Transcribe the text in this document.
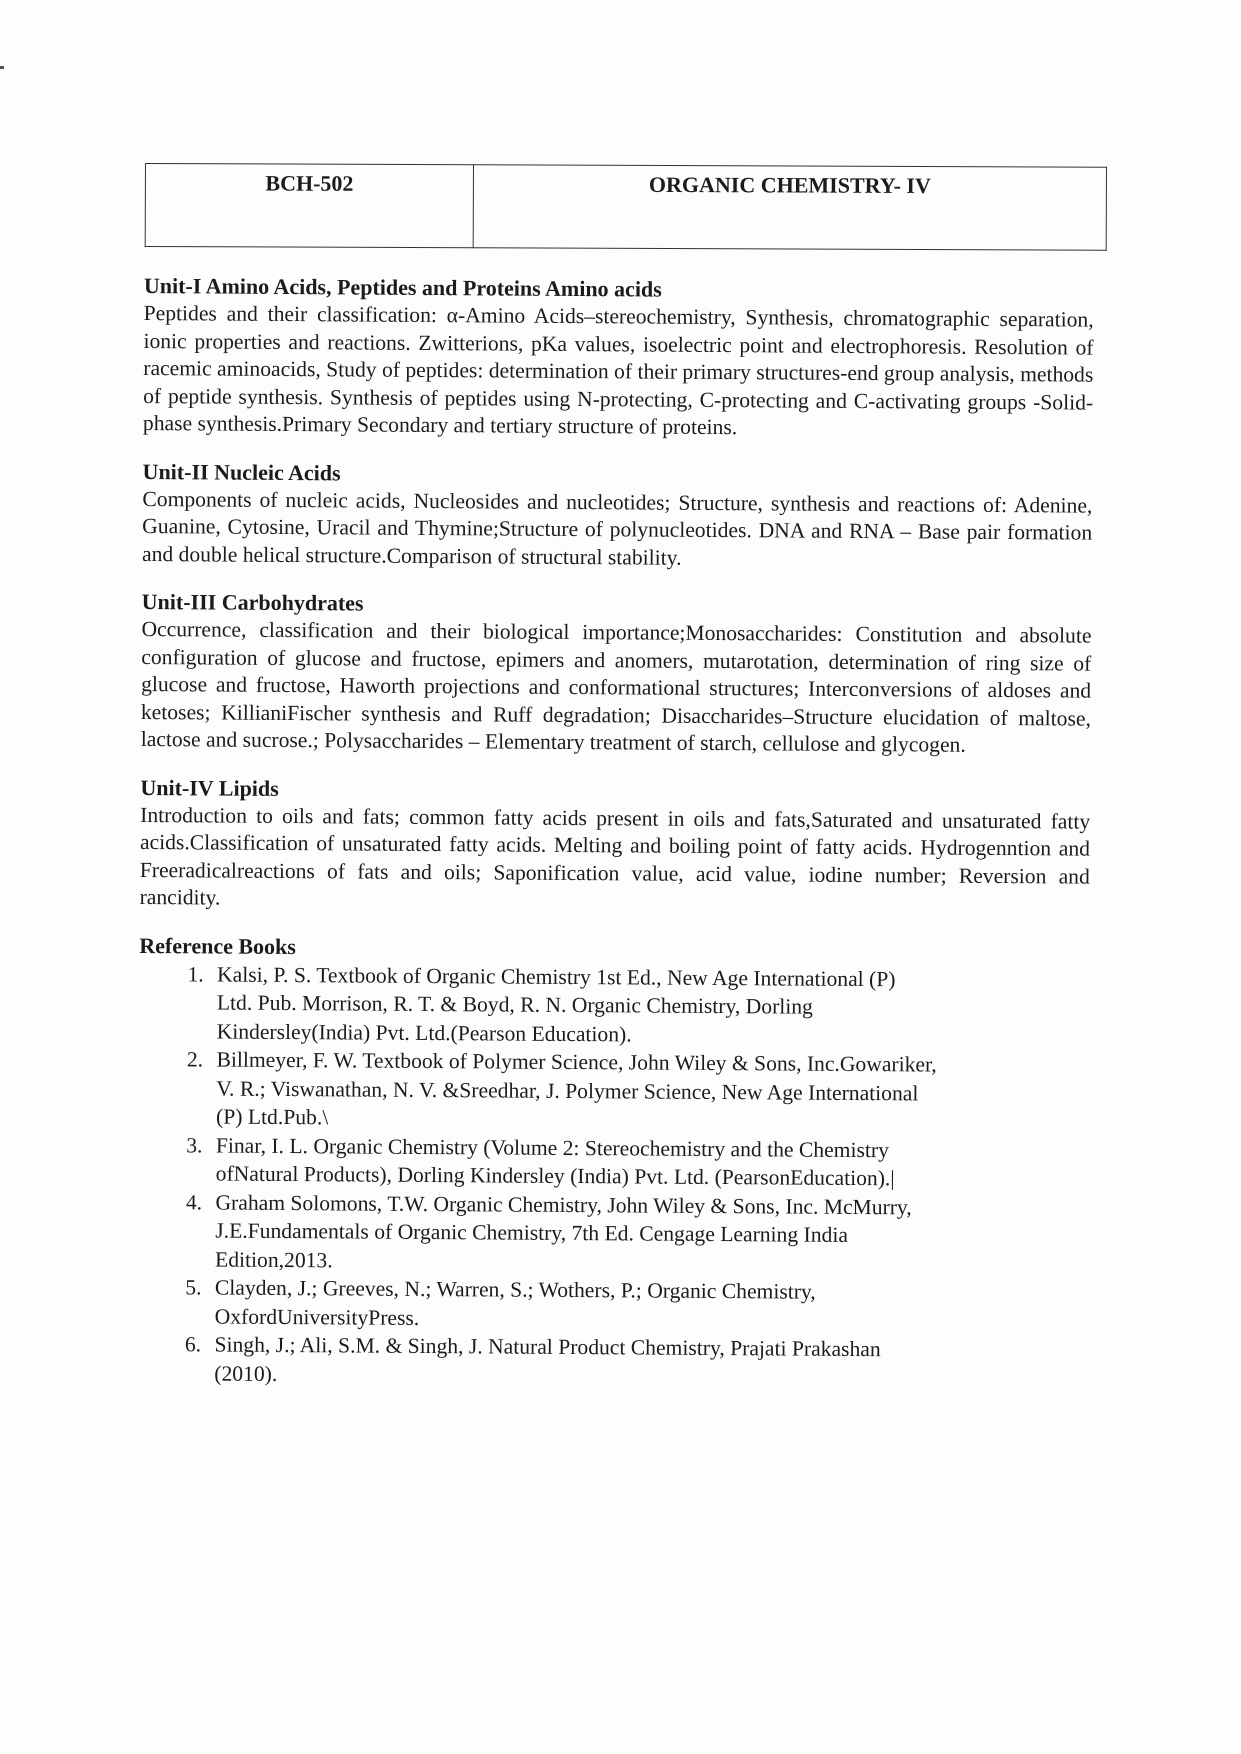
BCH-502	ORGANIC CHEMISTRY- IV
Unit-I Amino Acids, Peptides and Proteins Amino acids
Peptides and their classification: α-Amino Acids–stereochemistry, Synthesis, chromatographic separation, ionic properties and reactions. Zwitterions, pKa values, isoelectric point and electrophoresis. Resolution of racemic aminoacids, Study of peptides: determination of their primary structures-end group analysis, methods of peptide synthesis. Synthesis of peptides using N-protecting, C-protecting and C-activating groups -Solid-phase synthesis.Primary Secondary and tertiary structure of proteins.
Unit-II Nucleic Acids
Components of nucleic acids, Nucleosides and nucleotides; Structure, synthesis and reactions of: Adenine, Guanine, Cytosine, Uracil and Thymine;Structure of polynucleotides. DNA and RNA – Base pair formation and double helical structure.Comparison of structural stability.
Unit-III Carbohydrates
Occurrence, classification and their biological importance;Monosaccharides: Constitution and absolute configuration of glucose and fructose, epimers and anomers, mutarotation, determination of ring size of glucose and fructose, Haworth projections and conformational structures; Interconversions of aldoses and ketoses; KillianiFischer synthesis and Ruff degradation; Disaccharides–Structure elucidation of maltose, lactose and sucrose.; Polysaccharides – Elementary treatment of starch, cellulose and glycogen.
Unit-IV Lipids
Introduction to oils and fats; common fatty acids present in oils and fats,Saturated and unsaturated fatty acids.Classification of unsaturated fatty acids. Melting and boiling point of fatty acids. Hydrogenntion and Freeradicalreactions of fats and oils; Saponification value, acid value, iodine number; Reversion and rancidity.
Reference Books

1. Kalsi, P. S. Textbook of Organic Chemistry 1st Ed., New Age International (P)

Ltd. Pub. Morrison, R. T. & Boyd, R. N. Organic Chemistry, Dorling

Kindersley(India) Pvt. Ltd.(Pearson Education).

2. Billmeyer, F. W. Textbook of Polymer Science, John Wiley & Sons, Inc.Gowariker,

V. R.; Viswanathan, N. V. &Sreedhar, J. Polymer Science, New Age International

(P) Ltd.Pub.\

3. Finar, I. L. Organic Chemistry (Volume 2: Stereochemistry and the Chemistry

ofNatural Products), Dorling Kindersley (India) Pvt. Ltd. (PearsonEducation).|

4. Graham Solomons, T.W. Organic Chemistry, John Wiley & Sons, Inc. McMurry,

J.E.Fundamentals of Organic Chemistry, 7th Ed. Cengage Learning India

Edition,2013.

5. Clayden, J.; Greeves, N.; Warren, S.; Wothers, P.; Organic Chemistry,

OxfordUniversityPress.

6. Singh, J.; Ali, S.M. & Singh, J. Natural Product Chemistry, Prajati Prakashan

(2010).
